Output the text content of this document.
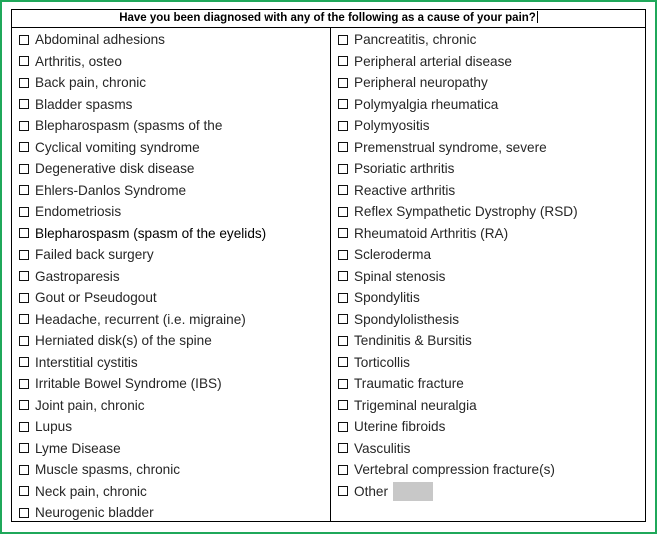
Have you been diagnosed with any of the following as a cause of your pain?
Abdominal adhesions
Arthritis, osteo
Back pain, chronic
Bladder spasms
Blepharospasm (spasms of the
Cyclical vomiting syndrome
Degenerative disk disease
Ehlers-Danlos Syndrome
Endometriosis
Blepharospasm (spasm of the eyelids)
Failed back surgery
Gastroparesis
Gout or Pseudogout
Headache, recurrent (i.e. migraine)
Herniated disk(s) of the spine
Interstitial cystitis
Irritable Bowel Syndrome (IBS)
Joint pain, chronic
Lupus
Lyme Disease
Muscle spasms, chronic
Neck pain, chronic
Neurogenic bladder
Pancreatitis, chronic
Peripheral arterial disease
Peripheral neuropathy
Polymyalgia rheumatica
Polymyositis
Premenstrual syndrome, severe
Psoriatic arthritis
Reactive arthritis
Reflex Sympathetic Dystrophy (RSD)
Rheumatoid Arthritis (RA)
Scleroderma
Spinal stenosis
Spondylitis
Spondylolisthesis
Tendinitis & Bursitis
Torticollis
Traumatic fracture
Trigeminal neuralgia
Uterine fibroids
Vasculitis
Vertebral compression fracture(s)
Other
